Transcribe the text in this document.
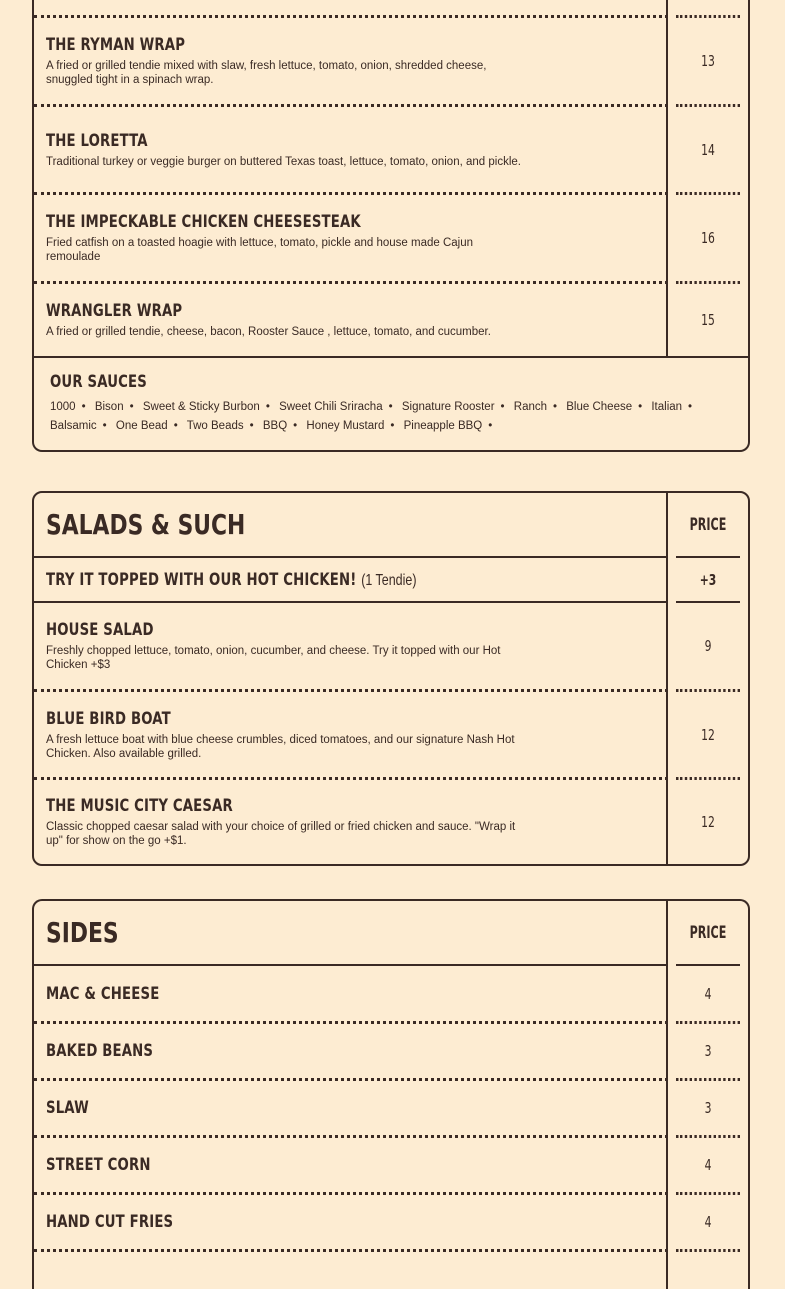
THE RYMAN WRAP
A fried or grilled tendie mixed with slaw, fresh lettuce, tomato, onion, shredded cheese, snuggled tight in a spinach wrap.
13
THE LORETTA
Traditional turkey or veggie burger on buttered Texas toast, lettuce, tomato, onion, and pickle.
14
THE IMPECKABLE CHICKEN CHEESESTEAK
Fried catfish on a toasted hoagie with lettuce, tomato, pickle and house made Cajun remoulade
16
WRANGLER WRAP
A fried or grilled tendie, cheese, bacon, Rooster Sauce , lettuce, tomato, and cucumber.
15
OUR SAUCES
1000 • Bison • Sweet & Sticky Burbon • Sweet Chili Sriracha • Signature Rooster • Ranch • Blue Cheese • Italian • Balsamic • One Bead • Two Beads • BBQ • Honey Mustard • Pineapple BBQ •
SALADS & SUCH	PRICE
TRY IT TOPPED WITH OUR HOT CHICKEN! (1 Tendie)	+3
HOUSE SALAD
Freshly chopped lettuce, tomato, onion, cucumber, and cheese. Try it topped with our Hot Chicken +$3
9
BLUE BIRD BOAT
A fresh lettuce boat with blue cheese crumbles, diced tomatoes, and our signature Nash Hot Chicken. Also available grilled.
12
THE MUSIC CITY CAESAR
Classic chopped caesar salad with your choice of grilled or fried chicken and sauce. "Wrap it up" for show on the go +$1.
12
SIDES	PRICE
MAC & CHEESE	4
BAKED BEANS	3
SLAW	3
STREET CORN	4
HAND CUT FRIES	4
